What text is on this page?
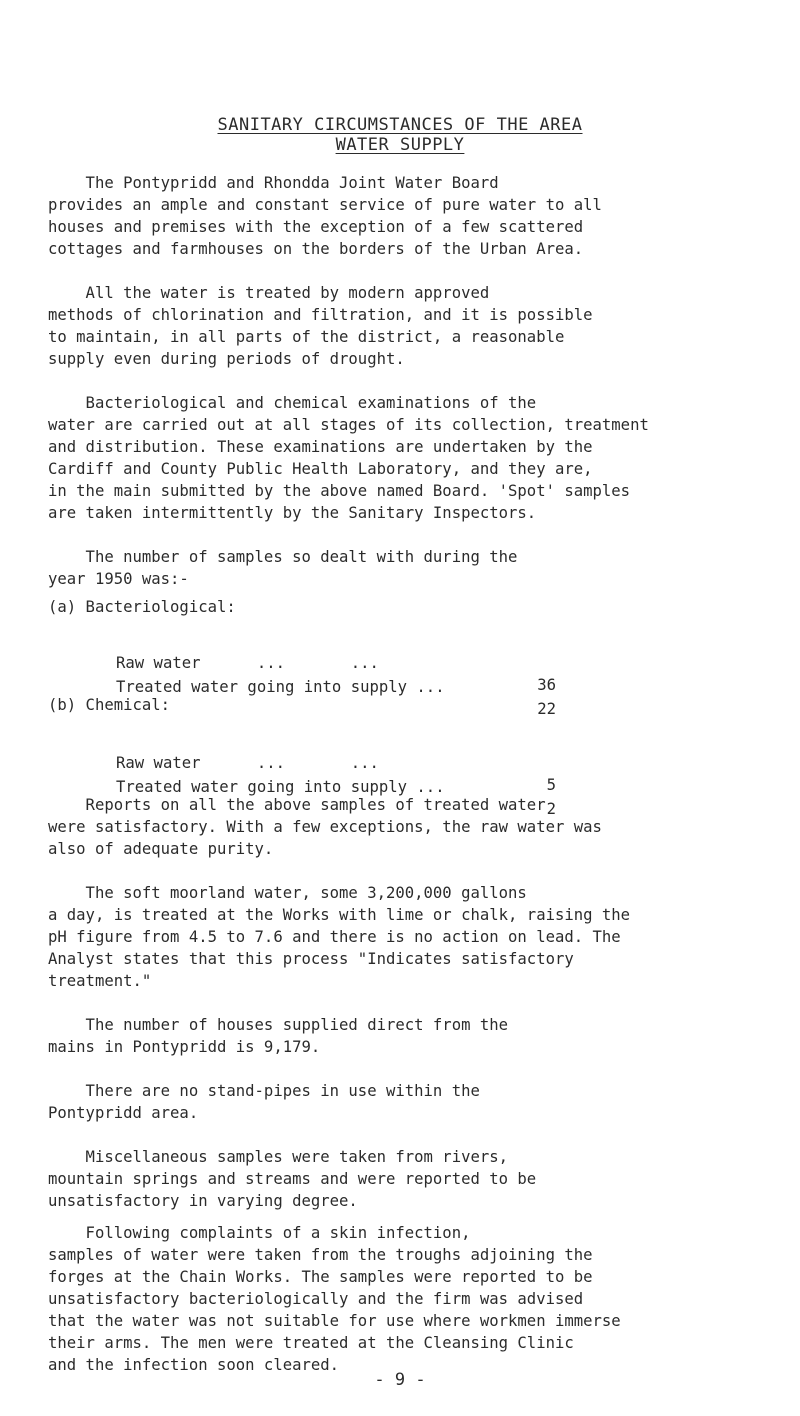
SANITARY CIRCUMSTANCES OF THE AREA
WATER SUPPLY
The Pontypridd and Rhondda Joint Water Board
provides an ample and constant service of pure water to all
houses and premises with the exception of a few scattered
cottages and farmhouses on the borders of the Urban Area.
All the water is treated by modern approved
methods of chlorination and filtration, and it is possible
to maintain, in all parts of the district, a reasonable
supply even during periods of drought.
Bacteriological and chemical examinations of the
water are carried out at all stages of its collection, treatment
and distribution. These examinations are undertaken by the
Cardiff and County Public Health Laboratory, and they are,
in the main submitted by the above named Board. 'Spot' samples
are taken intermittently by the Sanitary Inspectors.
The number of samples so dealt with during the
year 1950 was:-
(a) Bacteriological:

Raw water      ...       ...

36

Treated water going into supply ...

22

(b) Chemical:

Raw water      ...       ...

5

Treated water going into supply ...

2

Reports on all the above samples of treated water
were satisfactory. With a few exceptions, the raw water was
also of adequate purity.
The soft moorland water, some 3,200,000 gallons
a day, is treated at the Works with lime or chalk, raising the
pH figure from 4.5 to 7.6 and there is no action on lead. The
Analyst states that this process "Indicates satisfactory
treatment."
The number of houses supplied direct from the
mains in Pontypridd is 9,179.
There are no stand-pipes in use within the
Pontypridd area.
Miscellaneous samples were taken from rivers,
mountain springs and streams and were reported to be
unsatisfactory in varying degree.
Following complaints of a skin infection,
samples of water were taken from the troughs adjoining the
forges at the Chain Works. The samples were reported to be
unsatisfactory bacteriologically and the firm was advised
that the water was not suitable for use where workmen immerse
their arms. The men were treated at the Cleansing Clinic
and the infection soon cleared.
- 9 -
